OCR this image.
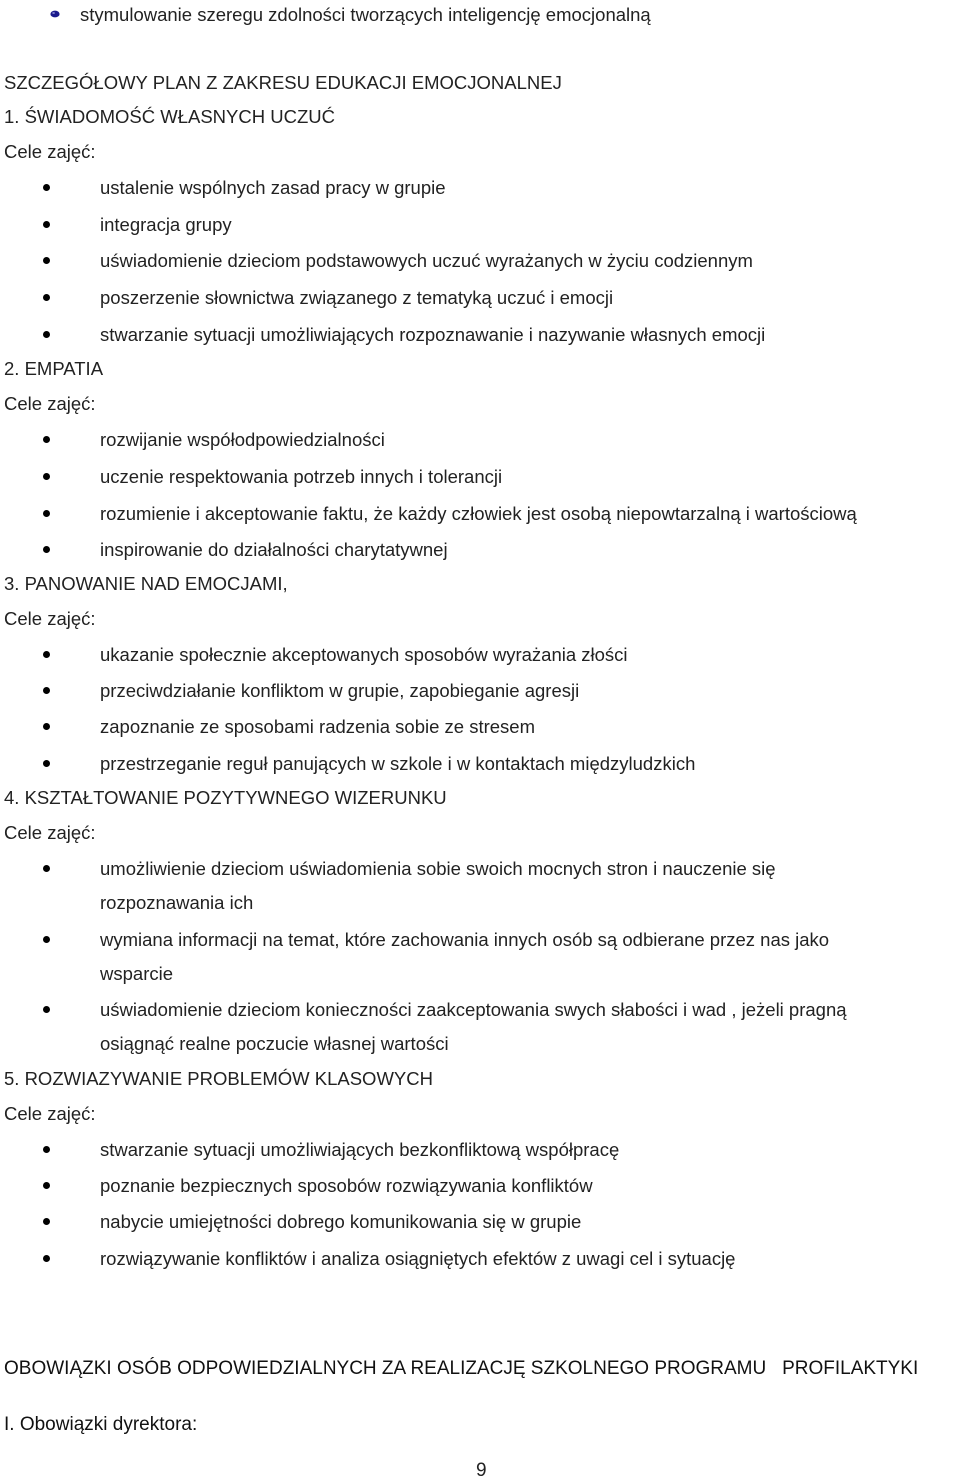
stymulowanie szeregu zdolności tworzących inteligencję emocjonalną
SZCZEGÓŁOWY PLAN Z ZAKRESU EDUKACJI EMOCJONALNEJ
1. ŚWIADOMOŚĆ WŁASNYCH UCZUĆ
Cele zajęć:
ustalenie wspólnych zasad pracy w grupie
integracja grupy
uświadomienie dzieciom podstawowych uczuć wyrażanych w życiu codziennym
poszerzenie słownictwa związanego z tematyką uczuć i emocji
stwarzanie sytuacji umożliwiających rozpoznawanie i nazywanie własnych emocji
2. EMPATIA
Cele zajęć:
rozwijanie współodpowiedzialności
uczenie respektowania potrzeb innych i tolerancji
rozumienie i akceptowanie faktu, że każdy człowiek jest osobą niepowtarzalną i wartościową
inspirowanie do działalności charytatywnej
3. PANOWANIE NAD EMOCJAMI,
Cele zajęć:
ukazanie społecznie akceptowanych sposobów wyrażania złości
przeciwdziałanie konfliktom w grupie, zapobieganie agresji
zapoznanie ze sposobami radzenia sobie ze stresem
przestrzeganie reguł panujących w szkole i w kontaktach międzyludzkich
4. KSZTAŁTOWANIE POZYTYWNEGO WIZERUNKU
Cele zajęć:
umożliwienie dzieciom uświadomienia sobie swoich mocnych stron i nauczenie się
rozpoznawania ich
wymiana informacji na temat, które zachowania innych osób są odbierane przez nas jako
wsparcie
uświadomienie dzieciom konieczności zaakceptowania swych słabości i wad , jeżeli pragną
osiągnąć realne poczucie własnej wartości
5. ROZWIAZYWANIE PROBLEMÓW KLASOWYCH
Cele zajęć:
stwarzanie sytuacji umożliwiających bezkonfliktową współpracę
poznanie bezpiecznych sposobów rozwiązywania konfliktów
nabycie umiejętności dobrego komunikowania się w grupie
rozwiązywanie konfliktów i analiza osiągniętych efektów z uwagi cel i sytuację
OBOWIĄZKI OSÓB ODPOWIEDZIALNYCH ZA REALIZACJĘ SZKOLNEGO PROGRAMU   PROFILAKTYKI
I. Obowiązki dyrektora:
9
